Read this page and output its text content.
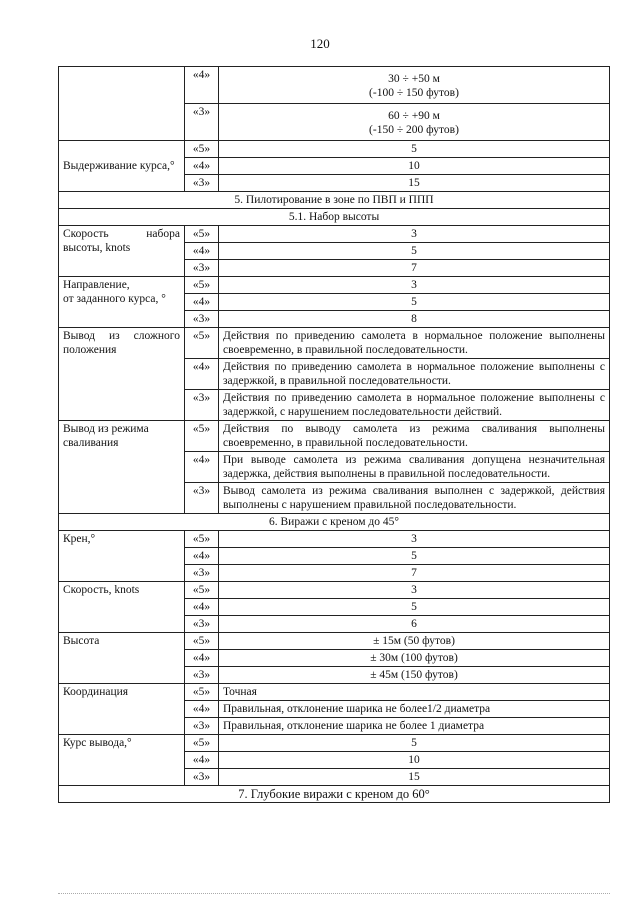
120
	«4»	30 ÷ +50 м
(-100 ÷ 150 футов)

	«3»	60 ÷ +90 м
(-150 ÷ 200 футов)

Выдерживание курса,°	«5»	5
	«4»	10
	«3»	15
5. Пилотирование в зоне по ПВП и ППП		
5.1. Набор высоты		
Скорость набора высоты, knots	«5»	3
	«4»	5
	«3»	7

Направление,
от заданного курса, °	«5»	3
	«4»	5
	«3»	8
Вывод из сложного положения	«5»	Действия по приведению самолета в нормальное положение выполнены своевременно, в правильной последовательности.
	«4»	Действия по приведению самолета в нормальное положение выполнены с задержкой, в правильной последовательности.
	«3»	Действия по приведению самолета в нормальное положение выполнены с задержкой, с нарушением последовательности действий.
Вывод из режима сваливания	«5»	Действия по выводу самолета из режима сваливания выполнены своевременно, в правильной последовательности.
	«4»	При выводе самолета из режима сваливания допущена незначительная задержка, действия выполнены в правильной последовательности.
	«3»	Вывод самолета из режима сваливания выполнен с задержкой, действия выполнены с нарушением правильной последовательности.
6. Виражи с креном до 45°		
Крен,°	«5»	3
	«4»	5
	«3»	7
Скорость, knots	«5»	3
	«4»	5
	«3»	6
Высота	«5»	± 15м (50 футов)
	«4»	± 30м (100 футов)
	«3»	± 45м (150 футов)
Координация	«5»	Точная
	«4»	Правильная, отклонение шарика не более1/2 диаметра
	«3»	Правильная, отклонение шарика не более 1 диаметра
Курс вывода,°	«5»	5
	«4»	10
	«3»	15
7. Глубокие виражи с креном до 60°		
